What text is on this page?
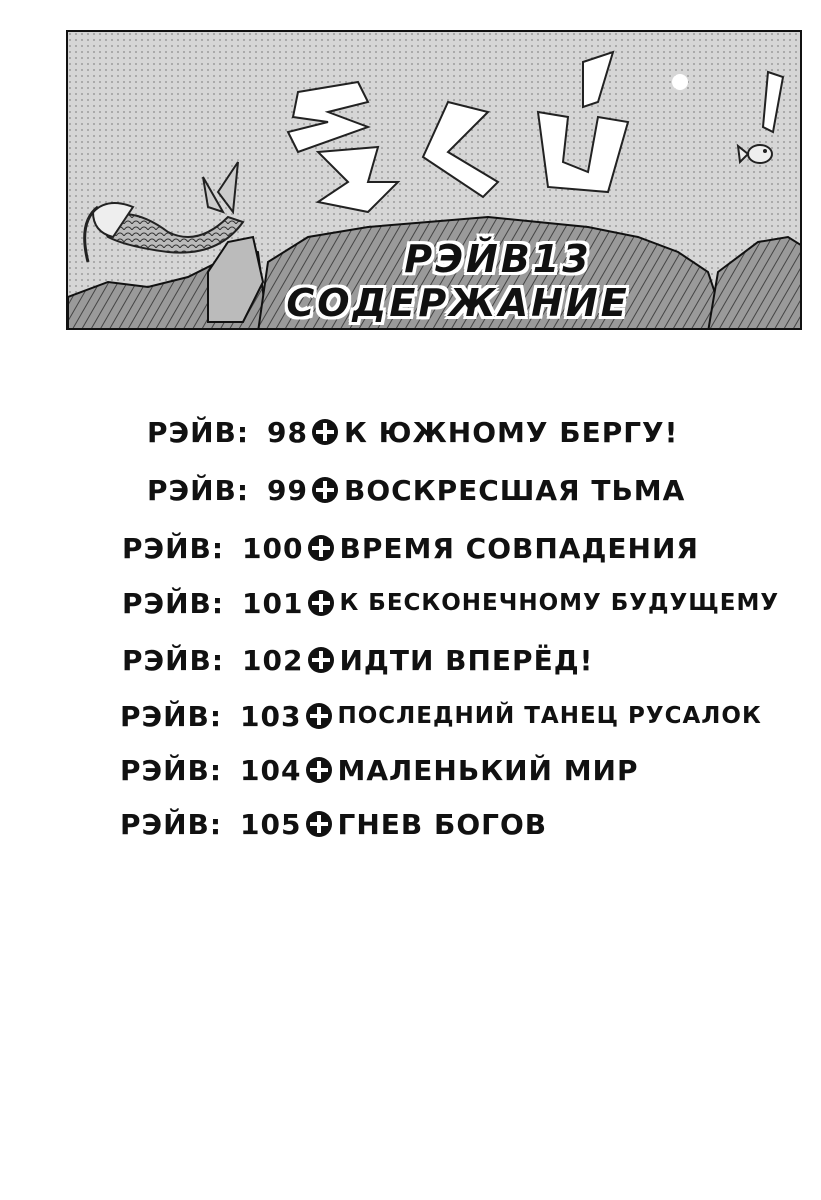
РЭЙВ13
СОДЕРЖАНИЕ
РЭЙВ: 98 К ЮЖНОМУ БЕРГУ!
РЭЙВ: 99 ВОСКРЕСШАЯ ТЬМА
РЭЙВ: 100 ВРЕМЯ СОВПАДЕНИЯ
РЭЙВ: 101 К БЕСКОНЕЧНОМУ БУДУЩЕМУ
РЭЙВ: 102 ИДТИ ВПЕРЁД!
РЭЙВ: 103 ПОСЛЕДНИЙ ТАНЕЦ РУСАЛОК
РЭЙВ: 104 МАЛЕНЬКИЙ МИР
РЭЙВ: 105 ГНЕВ БОГОВ
